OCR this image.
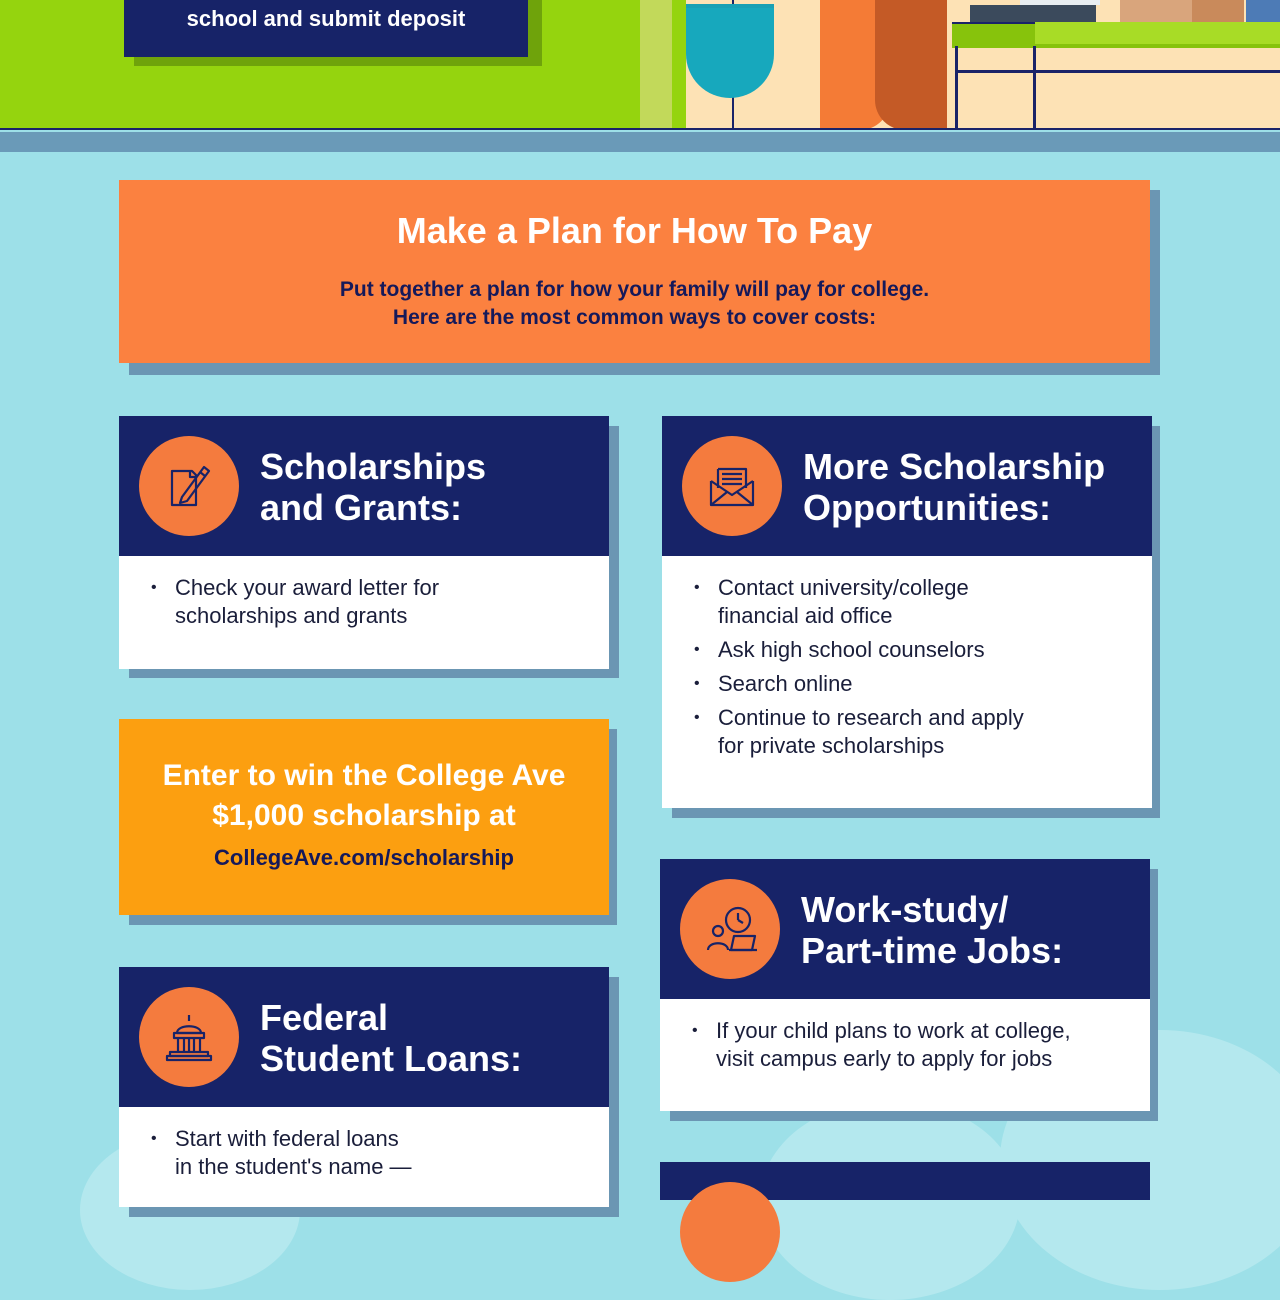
school and submit deposit
Make a Plan for How To Pay
Put together a plan for how your family will pay for college.
Here are the most common ways to cover costs:
Scholarships
and Grants:
• Check your award letter for
scholarships and grants
More Scholarship
Opportunities:
• Contact university/college
financial aid office
• Ask high school counselors
• Search online
• Continue to research and apply
for private scholarships
Enter to win the College Ave
$1,000 scholarship at
CollegeAve.com/scholarship
Work-study/
Part-time Jobs:
• If your child plans to work at college,
visit campus early to apply for jobs
Federal
Student Loans:
• Start with federal loans
in the student's name —
